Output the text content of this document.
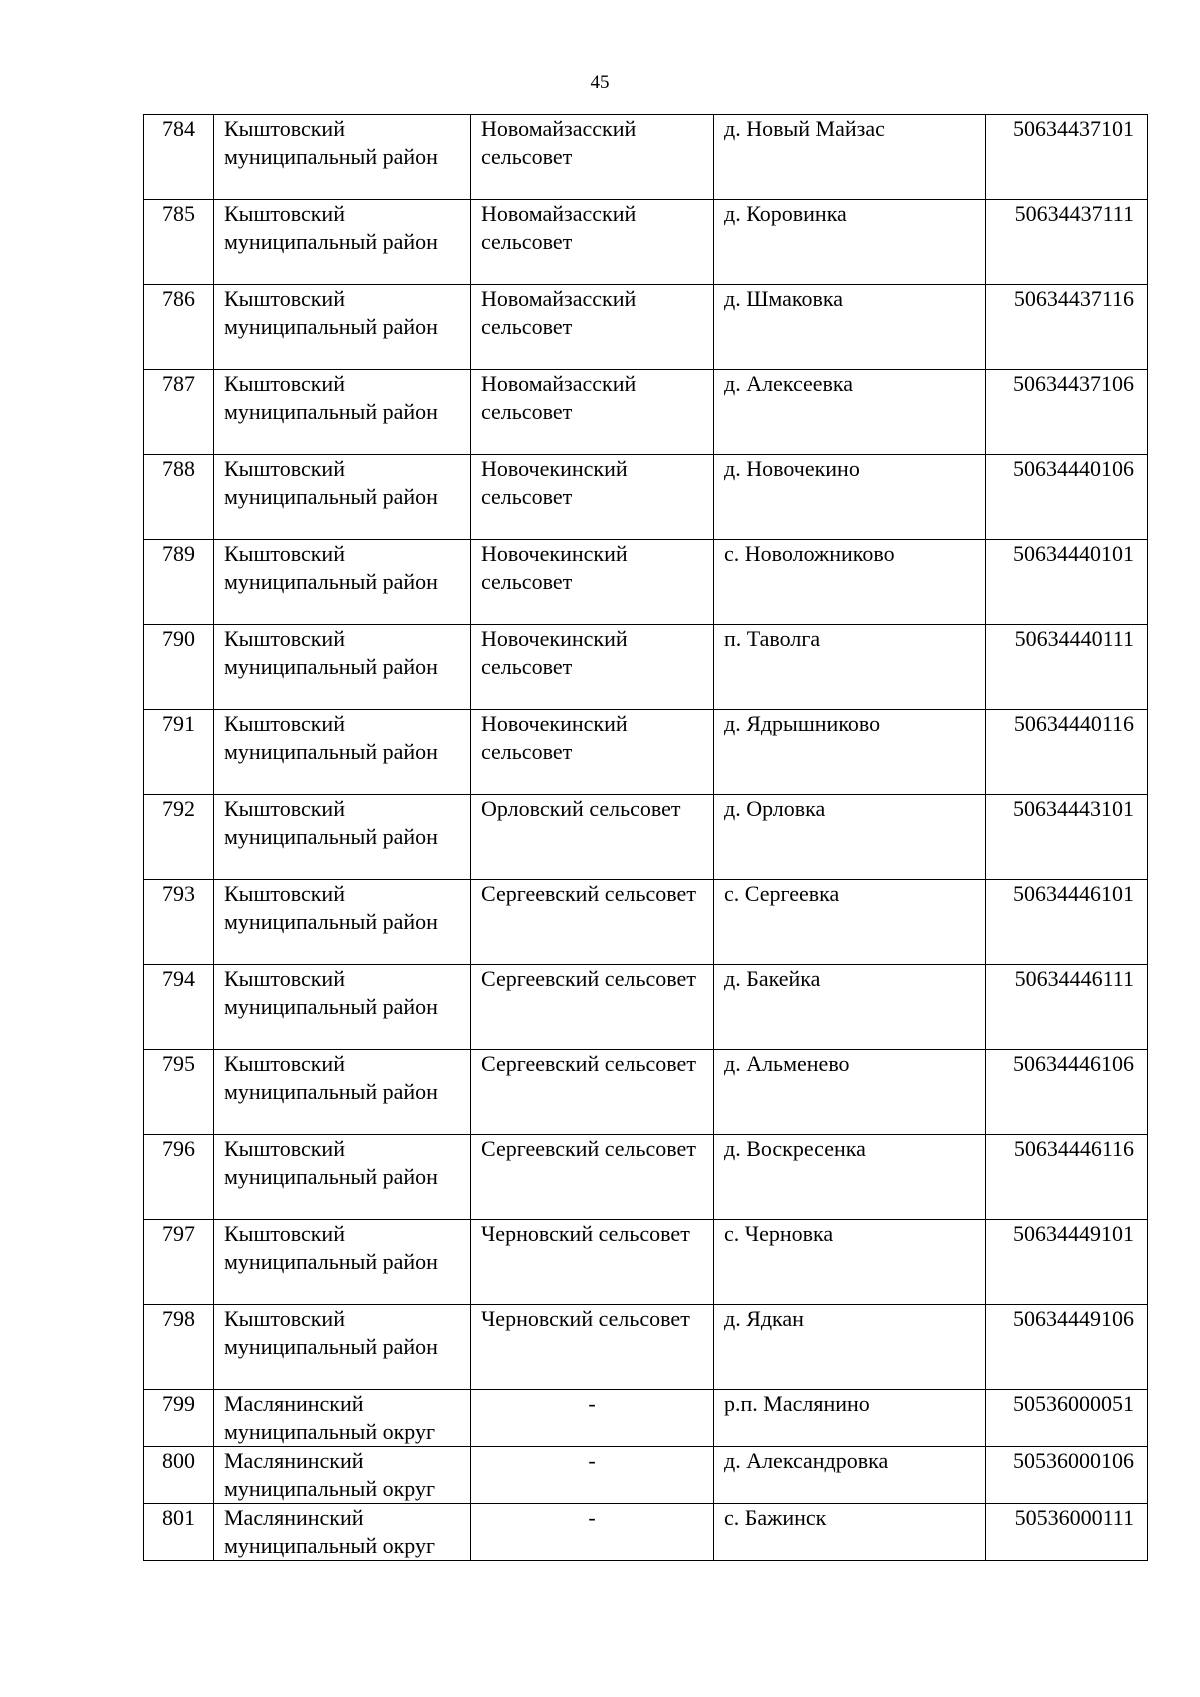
45
784	Кыштовский муниципальный район	Новомайзасский сельсовет	д. Новый Майзас	50634437101

785	Кыштовский муниципальный район	Новомайзасский сельсовет	д. Коровинка	50634437111

786	Кыштовский муниципальный район	Новомайзасский сельсовет	д. Шмаковка	50634437116

787	Кыштовский муниципальный район	Новомайзасский сельсовет	д. Алексеевка	50634437106

788	Кыштовский муниципальный район	Новочекинский сельсовет	д. Новочекино	50634440106

789	Кыштовский муниципальный район	Новочекинский сельсовет	с. Новоложниково	50634440101

790	Кыштовский муниципальный район	Новочекинский сельсовет	п. Таволга	50634440111

791	Кыштовский муниципальный район	Новочекинский сельсовет	д. Ядрышниково	50634440116

792	Кыштовский муниципальный район	Орловский сельсовет	д. Орловка	50634443101

793	Кыштовский муниципальный район	Сергеевский сельсовет	с. Сергеевка	50634446101

794	Кыштовский муниципальный район	Сергеевский сельсовет	д. Бакейка	50634446111

795	Кыштовский муниципальный район	Сергеевский сельсовет	д. Альменево	50634446106

796	Кыштовский муниципальный район	Сергеевский сельсовет	д. Воскресенка	50634446116

797	Кыштовский муниципальный район	Черновский сельсовет	с. Черновка	50634449101

798	Кыштовский муниципальный район	Черновский сельсовет	д. Ядкан	50634449106

799	Маслянинский муниципальный округ	-	р.п. Маслянино	50536000051

800	Маслянинский муниципальный округ	-	д. Александровка	50536000106

801	Маслянинский муниципальный округ	-	с. Бажинск	50536000111
